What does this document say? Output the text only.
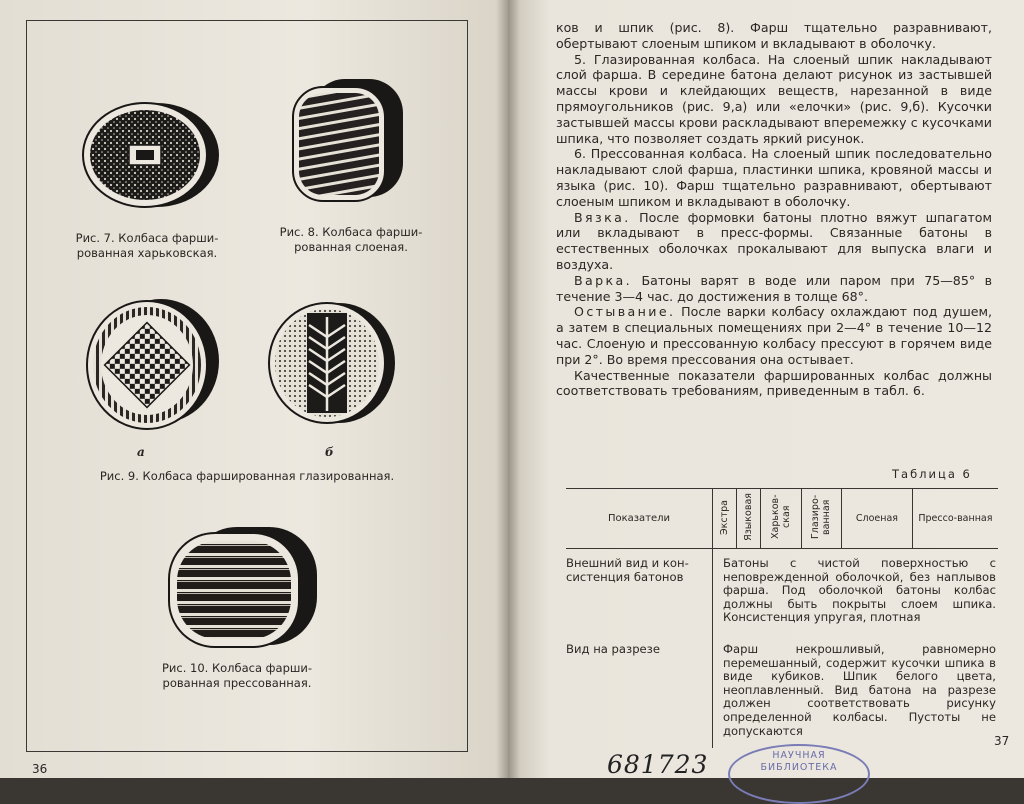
Рис. 7. Колбаса фарши-
рованная харьковская.
Рис. 8. Колбаса фарши-
рованная слоеная.
а	б
Рис. 9. Колбаса фаршированная глазированная.
Рис. 10. Колбаса фарши-
рованная прессованная.
36

ков и шпик (рис. 8). Фарш тщательно разравнивают, обертывают слоеным шпиком и вкладывают в оболочку.

5. Глазированная колбаса. На слоеный шпик накладывают слой фарша. В середине батона делают рисунок из застывшей массы крови и клейдающих веществ, нарезанной в виде прямоугольников (рис. 9,а) или «елочки» (рис. 9,б). Кусочки застывшей массы крови раскладывают вперемежку с кусочками шпика, что позволяет создать яркий рисунок.

6. Прессованная колбаса. На слоеный шпик последовательно накладывают слой фарша, пластинки шпика, кровяной массы и языка (рис. 10). Фарш тщательно разравнивают, обертывают слоеным шпиком и вкладывают в оболочку.

Вязка. После формовки батоны плотно вяжут шпагатом или вкладывают в пресс-формы. Связанные батоны в естественных оболочках прокалывают для выпуска влаги и воздуха.

Варка. Батоны варят в воде или паром при 75—85° в течение 3—4 час. до достижения в толще 68°.

Остывание. После варки колбасу охлаждают под душем, а затем в специальных помещениях при 2—4° в течение 10—12 час. Слоеную и прессованную колбасу прессуют в горячем виде при 2°. Во время прессования она остывает.

Качественные показатели фаршированных колбас должны соответствовать требованиям, приведенным в табл. 6.

Таблица 6
Показатели	Экстра	Языковая	Харьков-ская	Глазиро-ванная	Слоеная	Прессо-ванная
Внешний вид и кон-систенция батонов	Батоны с чистой поверхностью с неповрежденной оболочкой, без наплывов фарша. Под оболочкой батоны колбас должны быть покрыты слоем шпика. Консистенция упругая, плотная					
Вид на разрезе	Фарш некрошливый, равномерно перемешанный, содержит кусочки шпика в виде кубиков. Шпик белого цвета, неоплавленный. Вид батона на разрезе должен соответствовать рисунку определенной колбасы. Пустоты не допускаются					
37
681723	НАУЧНАЯ
БИБЛИОТЕКА
